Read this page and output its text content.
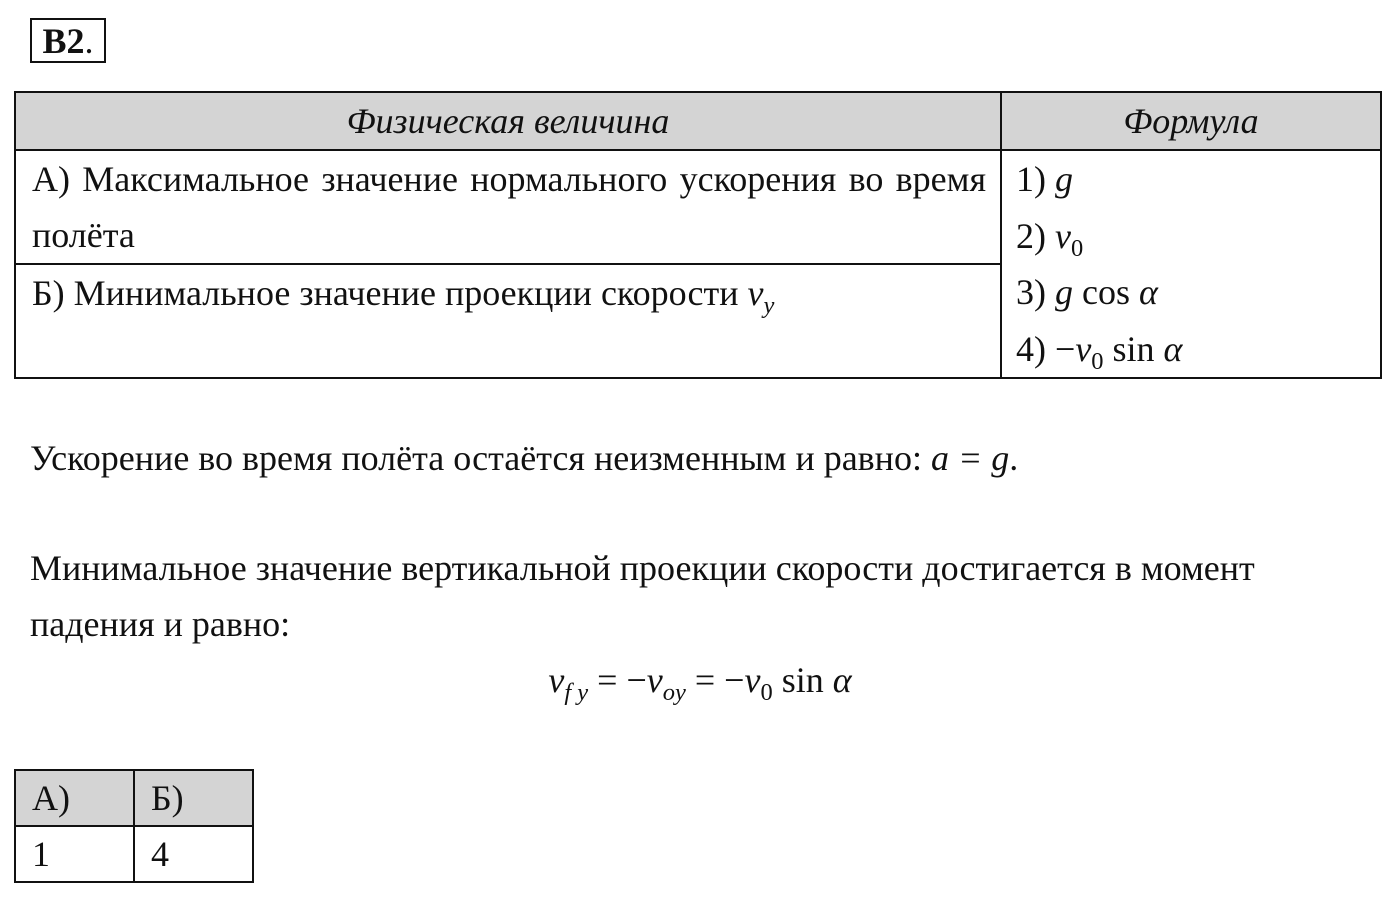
B2.
Физическая величина	Формула
А) Максимальное значение нормального ускорения во время полёта	1) g
2) $v_0$
3) g cos α
$4) -v_0$ sin α

Б) Минимальное значение проекции скорости $v_y$

Ускорение во время полёта остаётся неизменным и равно: a = g.

Минимальное значение вертикальной проекции скорости достигается в момент падения и равно:

$v_{f y} = -v_{oy} = -v_0$ sin α
А)	Б)
1	4
